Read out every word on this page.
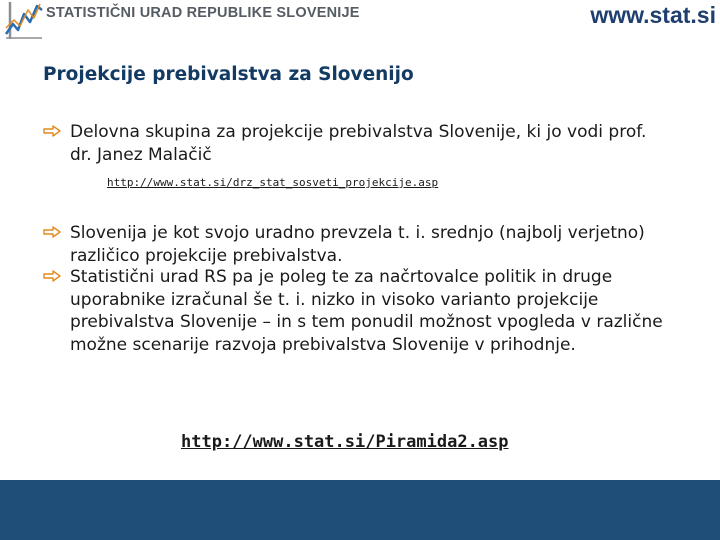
STATISTIČNI URAD REPUBLIKE SLOVENIJE	www.stat.si
Projekcije prebivalstva za Slovenijo
Delovna skupina za projekcije prebivalstva Slovenije, ki jo vodi prof. dr. Janez Malačič
http://www.stat.si/drz_stat_sosveti_projekcije.asp
Slovenija je kot svojo uradno prevzela t. i. srednjo (najbolj verjetno) različico projekcije prebivalstva.
Statistični urad RS pa je poleg te za načrtovalce politik in druge uporabnike izračunal še t. i. nizko in visoko varianto projekcije prebivalstva Slovenije – in s tem ponudil možnost vpogleda v različne možne scenarije razvoja prebivalstva Slovenije v prihodnje.
http://www.stat.si/Piramida2.asp
